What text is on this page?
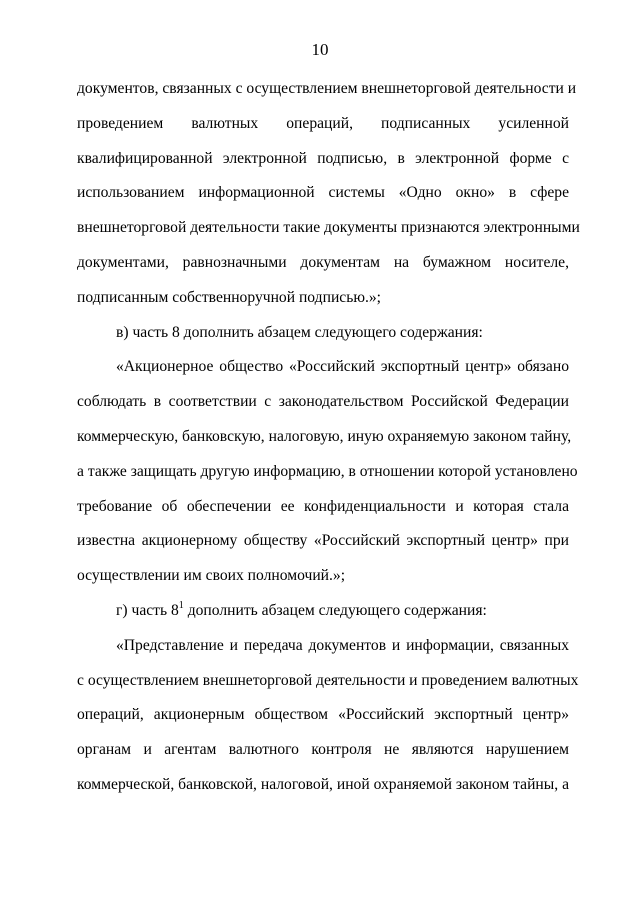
10
документов, связанных с осуществлением внешнеторговой деятельности и
проведением валютных операций, подписанных усиленной
квалифицированной электронной подписью, в электронной форме с
использованием информационной системы «Одно окно» в сфере
внешнеторговой деятельности такие документы признаются электронными
документами, равнозначными документам на бумажном носителе,
подписанным собственноручной подписью.»;
в) часть 8 дополнить абзацем следующего содержания:
«Акционерное общество «Российский экспортный центр» обязано
соблюдать в соответствии с законодательством Российской Федерации
коммерческую, банковскую, налоговую, иную охраняемую законом тайну,
а также защищать другую информацию, в отношении которой установлено
требование об обеспечении ее конфиденциальности и которая стала
известна акционерному обществу «Российский экспортный центр» при
осуществлении им своих полномочий.»;
г) часть $8^1$ дополнить абзацем следующего содержания:
«Представление и передача документов и информации, связанных
с осуществлением внешнеторговой деятельности и проведением валютных
операций, акционерным обществом «Российский экспортный центр»
органам и агентам валютного контроля не являются нарушением
коммерческой, банковской, налоговой, иной охраняемой законом тайны, а
